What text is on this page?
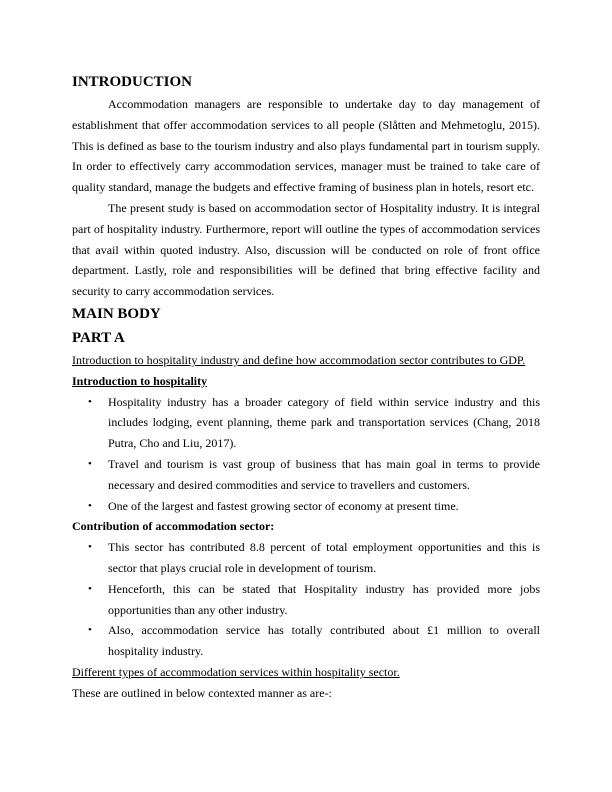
INTRODUCTION

Accommodation managers are responsible to undertake day to day management of establishment that offer accommodation services to all people (Slåtten and Mehmetoglu, 2015). This is defined as base to the tourism industry and also plays fundamental part in tourism supply. In order to effectively carry accommodation services, manager must be trained to take care of quality standard, manage the budgets and effective framing of business plan in hotels, resort etc.

The present study is based on accommodation sector of Hospitality industry. It is integral part of hospitality industry. Furthermore, report will outline the types of accommodation services that avail within quoted industry. Also, discussion will be conducted on role of front office department. Lastly, role and responsibilities will be defined that bring effective facility and security to carry accommodation services.

MAIN BODY
PART A

Introduction to hospitality industry and define how accommodation sector contributes to GDP.

Introduction to hospitality

• Hospitality industry has a broader category of field within service industry and this includes lodging, event planning, theme park and transportation services (Chang, 2018 Putra, Cho and Liu, 2017).
• Travel and tourism is vast group of business that has main goal in terms to provide necessary and desired commodities and service to travellers and customers.
• One of the largest and fastest growing sector of economy at present time.

Contribution of accommodation sector:

• This sector has contributed 8.8 percent of total employment opportunities and this is sector that plays crucial role in development of tourism.
• Henceforth, this can be stated that Hospitality industry has provided more jobs opportunities than any other industry.
• Also, accommodation service has totally contributed about £1 million to overall hospitality industry.

Different types of accommodation services within hospitality sector.

These are outlined in below contexted manner as are-:
